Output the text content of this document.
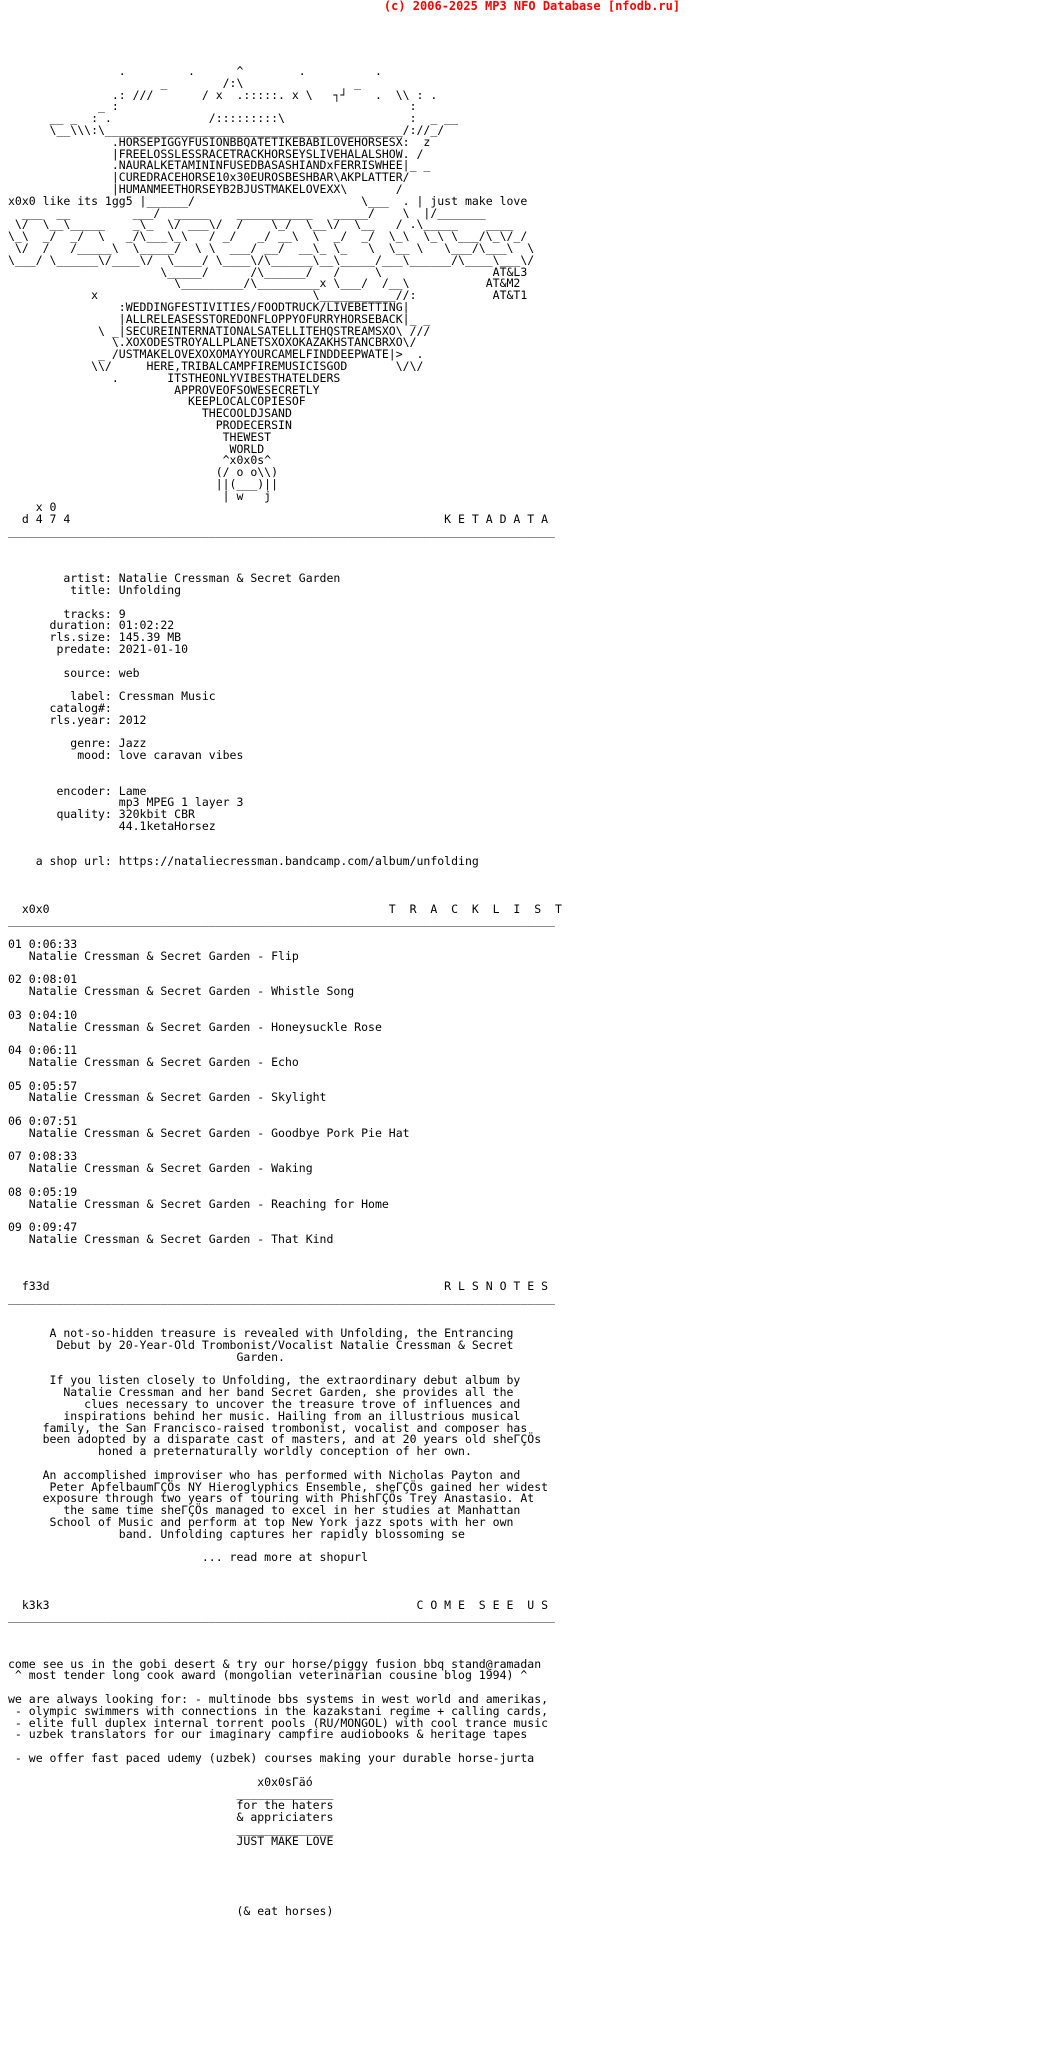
(c) 2006-2025 MP3 NFO Database [nfodb.ru]
.         .      ^        .          .
_        /:\                _
.: ///       / x  .:::::. x \   ┐┘    .  \\ : .
_ :                                          :
__ _  : .              /:::::::::\                  :  _ __
\__\\\:\___________________________________________/://_/
.HORSEPIGGYFUSIONBBQATETIKEBABILOVEHORSESX:  z
|FREELOSSLESSRACETRACKHORSEYSLIVEHALALSHOW. /
.NAURALKETAMININFUSEDBASASHIANDxFERRISWHEE|_ _
|CUREDRACEHORSE10x30EUROSBESHBAR\AKPLATTER/
|HUMANMEETHORSEYB2BJUSTMAKELOVEXX\       /
x0x0 like its 1gg5 |______/                        \___  . | just make love
___  __         ___/  _____    ___________   _____/    \  |/_______
\/  \__\_____    _\_  \/ ___\/  /    \_/  \__\/  \__   / .\_____    ____
\_\  _/  _/  \   _/\___\_\   / _/   _/ __\  \  _/  _/  \_\  \_\ \___/\_\/_/
\/  /   /_____\  \_____/  \ \  ___/ __/  __\_ \_   \  \__ \   \___/\___\  \
\___/ \______\/____\/  \____/ \____\/\______\__\_____/___\______/\____\___\/
\_____/      /\______/   /     \                AT&L3
\_________/\_________x \___/  /__\           AT&M2
x                               \___________//:           AT&T1
:WEDDINGFESTIVITIES/FOODTRUCK/LIVEBETTING|
|ALLRELEASESSTOREDONFLOPPYOFURRYHORSEBACK|_ _
\ _|SECUREINTERNATIONALSATELLITEHQSTREAMSXO\ ///
\.XOXODESTROYALLPLANETSXOXOKAZAKHSTANCBRXO\/
_ /USTMAKELOVEXOXOMAYYOURCAMELFINDDEEPWATE|>  .
\\/     HERE,TRIBALCAMPFIREMUSICISGOD       \/\/
.       ITSTHEONLYVIBESTHATELDERS
APPROVEOFSOWESECRETLY
KEEPLOCALCOPIESOF
THECOOLDJSAND
PRODECERSIN
THEWEST
WORLD
^x0x0s^
(/ o o\\)
||(___)||
| w   j
x 0
d 4 7 4                                                      K E T A D A T A
_______________________________________________________________________________

artist: Natalie Cressman & Secret Garden
title: Unfolding

tracks: 9
duration: 01:02:22
rls.size: 145.39 MB
predate: 2021-01-10

source: web

label: Cressman Music
catalog#:
rls.year: 2012

genre: Jazz
mood: love caravan vibes

encoder: Lame
mp3 MPEG 1 layer 3
quality: 320kbit CBR
44.1ketaHorsez

a shop url: https://nataliecressman.bandcamp.com/album/unfolding

x0x0                                                 T  R  A  C  K  L  I  S  T
_______________________________________________________________________________

01 0:06:33
Natalie Cressman & Secret Garden - Flip

02 0:08:01
Natalie Cressman & Secret Garden - Whistle Song

03 0:04:10
Natalie Cressman & Secret Garden - Honeysuckle Rose

04 0:06:11
Natalie Cressman & Secret Garden - Echo

05 0:05:57
Natalie Cressman & Secret Garden - Skylight

06 0:07:51
Natalie Cressman & Secret Garden - Goodbye Pork Pie Hat

07 0:08:33
Natalie Cressman & Secret Garden - Waking

08 0:05:19
Natalie Cressman & Secret Garden - Reaching for Home

09 0:09:47
Natalie Cressman & Secret Garden - That Kind

f33d                                                         R L S N O T E S
_______________________________________________________________________________

A not-so-hidden treasure is revealed with Unfolding, the Entrancing
Debut by 20-Year-Old Trombonist/Vocalist Natalie Cressman & Secret
Garden.

If you listen closely to Unfolding, the extraordinary debut album by
Natalie Cressman and her band Secret Garden, she provides all the
clues necessary to uncover the treasure trove of influences and
inspirations behind her music. Hailing from an illustrious musical
family, the San Francisco-raised trombonist, vocalist and composer has
been adopted by a disparate cast of masters, and at 20 years old sheΓÇÖs
honed a preternaturally worldly conception of her own.

An accomplished improviser who has performed with Nicholas Payton and
Peter ApfelbaumΓÇÖs NY Hieroglyphics Ensemble, sheΓÇÖs gained her widest
exposure through two years of touring with PhishΓÇÖs Trey Anastasio. At
the same time sheΓÇÖs managed to excel in her studies at Manhattan
School of Music and perform at top New York jazz spots with her own
band. Unfolding captures her rapidly blossoming se

... read more at shopurl

k3k3                                                     C O M E  S E E  U S
_______________________________________________________________________________

come see us in the gobi desert & try our horse/piggy fusion bbq stand@ramadan
^ most tender long cook award (mongolian veterinarian cousine blog 1994) ^

we are always looking for: - multinode bbs systems in west world and amerikas,
- olympic swimmers with connections in the kazakstani regime + calling cards,
- elite full duplex internal torrent pools (RU/MONGOL) with cool trance music
- uzbek translators for our imaginary campfire audiobooks & heritage tapes

- we offer fast paced udemy (uzbek) courses making your durable horse-jurta

x0x0sΓäó
______________
for the haters
& appriciaters
______________
JUST MAKE LOVE

(& eat horses)
